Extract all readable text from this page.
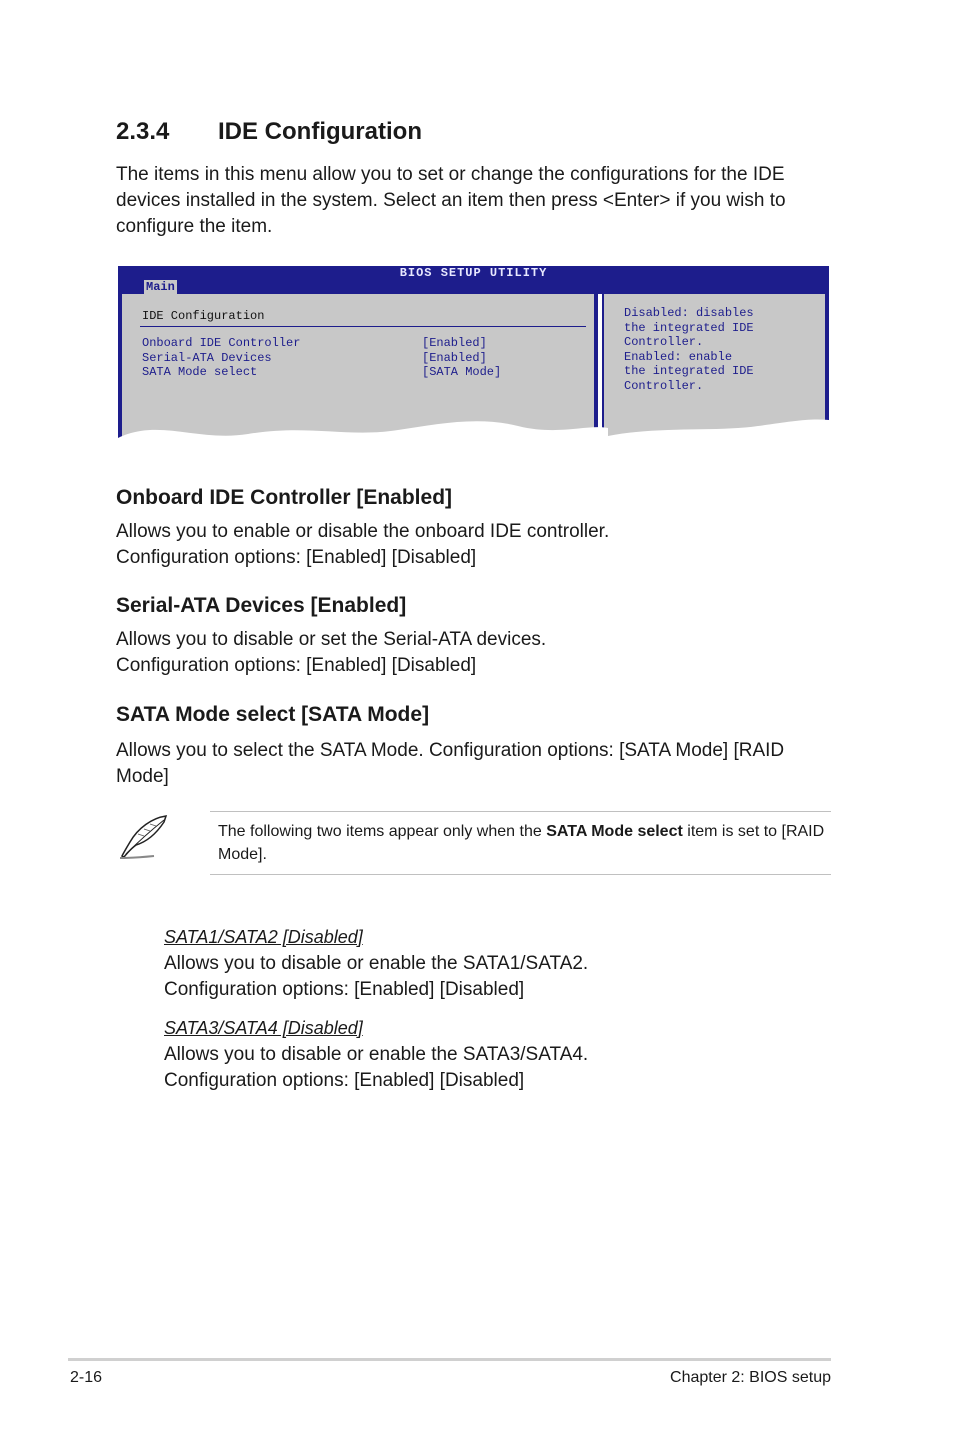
2.3.4 IDE Configuration
The items in this menu allow you to set or change the configurations for the IDE devices installed in the system. Select an item then press <Enter> if you wish to configure the item.
BIOS SETUP UTILITY
Main
IDE Configuration
Onboard IDE Controller	[Enabled]
Serial-ATA Devices	[Enabled]
SATA Mode select	[SATA Mode]
Disabled: disables
the integrated IDE
Controller.
Enabled: enable
the integrated IDE
Controller.
Onboard IDE Controller [Enabled]
Allows you to enable or disable the onboard IDE controller.
Configuration options: [Enabled] [Disabled]
Serial-ATA Devices [Enabled]
Allows you to disable or set the Serial-ATA devices.
Configuration options: [Enabled] [Disabled]
SATA Mode select [SATA Mode]
Allows you to select the SATA Mode. Configuration options: [SATA Mode] [RAID Mode]
The following two items appear only when the SATA Mode select item is set to [RAID Mode].
SATA1/SATA2 [Disabled]
Allows you to disable or enable the SATA1/SATA2.
Configuration options: [Enabled] [Disabled]
SATA3/SATA4 [Disabled]
Allows you to disable or enable the SATA3/SATA4.
Configuration options: [Enabled] [Disabled]
2-16	Chapter 2: BIOS setup
